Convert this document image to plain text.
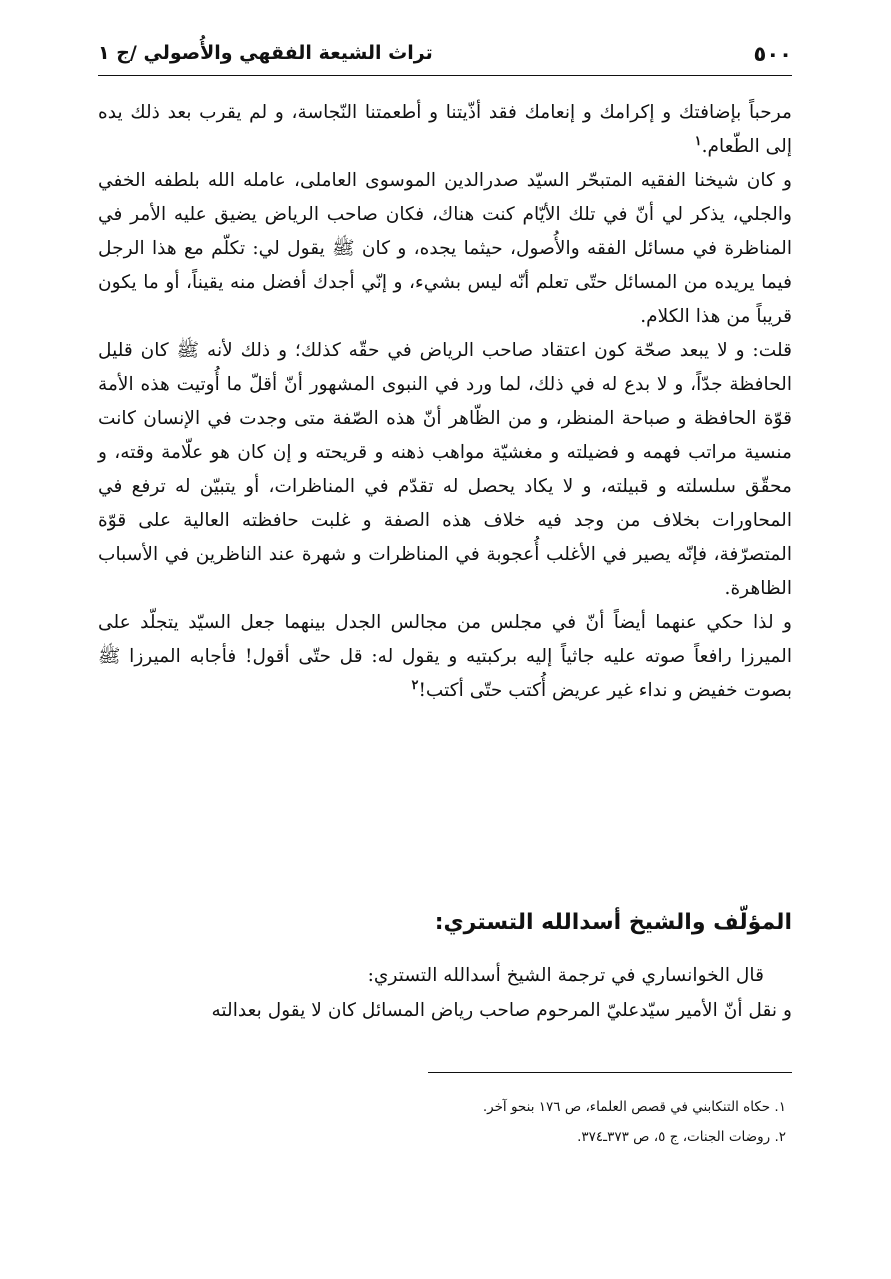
٥٠٠
تراث الشيعة الفقهي والأُصولي /ج ١

مرحباً بإضافتك و إكرامك و إنعامك فقد أذّيتنا و أطعمتنا النّجاسة، و لم يقرب بعد ذلك يده إلى الطّعام.$^١$

و كان شيخنا الفقيه المتبحّر السيّد صدرالدين الموسوى العاملى، عامله الله بلطفه الخفي والجلي، يذكر لي أنّ في تلك الأيّام كنت هناك، فكان صاحب الرياض يضيق عليه الأمر في المناظرة في مسائل الفقه والأُصول، حيثما يجده، و كان ﷺ يقول لي: تكلّم مع هذا الرجل فيما يريده من المسائل حتّى تعلم أنّه ليس بشيء، و إنّي أجدك أفضل منه يقيناً، أو ما يكون قريباً من هذا الكلام.

قلت: و لا يبعد صحّة كون اعتقاد صاحب الرياض في حقّه كذلك؛ و ذلك لأنه ﷺ كان قليل الحافظة جدّاً، و لا بدع له في ذلك، لما ورد في النبوى المشهور أنّ أقلّ ما أُوتيت هذه الأمة قوّة الحافظة و صباحة المنظر، و من الظّاهر أنّ هذه الصّفة متى وجدت في الإنسان كانت منسية مراتب فهمه و فضيلته و مغشيّة مواهب ذهنه و قريحته و إن كان هو علّامة وقته، و محقّق سلسلته و قبيلته، و لا يكاد يحصل له تقدّم في المناظرات، أو يتبيّن له ترفع في المحاورات بخلاف من وجد فيه خلاف هذه الصفة و غلبت حافظته العالية على قوّة المتصرّفة، فإنّه يصير في الأغلب أُعجوبة في المناظرات و شهرة عند الناظرين في الأسباب الظاهرة.

و لذا حكي عنهما أيضاً أنّ في مجلس من مجالس الجدل بينهما جعل السيّد يتجلّد على الميرزا رافعاً صوته عليه جاثياً إليه بركبتيه و يقول له: قل حتّى أقول! فأجابه الميرزا ﷺ بصوت خفيض و نداء غير عريض أُكتب حتّى أكتب!$^٢$

المؤلّف والشيخ أسدالله التستري:

قال الخوانساري في ترجمة الشيخ أسدالله التستري:

و نقل أنّ الأمير سيّدعليّ المرحوم صاحب رياض المسائل كان لا يقول بعدالته

١. حكاه التنكابني في قصص العلماء، ص ١٧٦ بنحو آخر.

٢. روضات الجنات، ج ٥، ص ٣٧٣ـ٣٧٤.
